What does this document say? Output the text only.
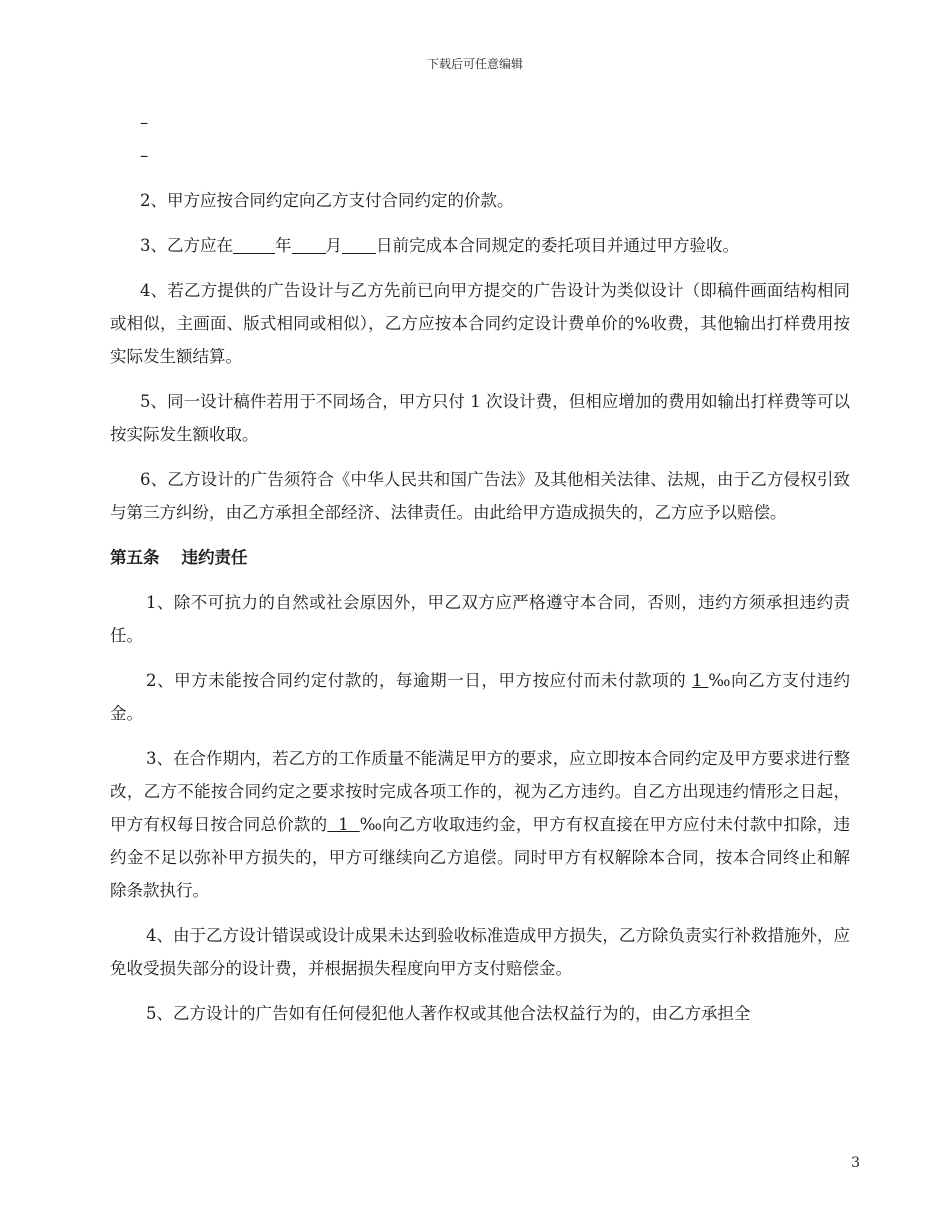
下载后可任意编辑
–
–

2、甲方应按合同约定向乙方支付合同约定的价款。

3、乙方应在	年 月 日前完成本合同规定的委托项目并通过甲方验收。

4、若乙方提供的广告设计与乙方先前已向甲方提交的广告设计为类似设计（即稿件画面结构相同或相似，主画面、版式相同或相似），乙方应按本合同约定设计费单价的%收费，其他输出打样费用按实际发生额结算。

5、同一设计稿件若用于不同场合，甲方只付 1 次设计费，但相应增加的费用如输出打样费等可以按实际发生额收取。

6、乙方设计的广告须符合《中华人民共和国广告法》及其他相关法律、法规，由于乙方侵权引致与第三方纠纷，由乙方承担全部经济、法律责任。由此给甲方造成损失的，乙方应予以赔偿。

第五条 违约责任

1、除不可抗力的自然或社会原因外，甲乙双方应严格遵守本合同，否则，违约方须承担违约责任。

2、甲方未能按合同约定付款的，每逾期一日，甲方按应付而未付款项的 1 ‰向乙方支付违约金。

3、在合作期内，若乙方的工作质量不能满足甲方的要求，应立即按本合同约定及甲方要求进行整改，乙方不能按合同约定之要求按时完成各项工作的，视为乙方违约。自乙方出现违约情形之日起，甲方有权每日按合同总价款的  1  ‰向乙方收取违约金，甲方有权直接在甲方应付未付款中扣除，违约金不足以弥补甲方损失的，甲方可继续向乙方追偿。同时甲方有权解除本合同，按本合同终止和解除条款执行。

4、由于乙方设计错误或设计成果未达到验收标准造成甲方损失，乙方除负责实行补救措施外，应免收受损失部分的设计费，并根据损失程度向甲方支付赔偿金。

5、乙方设计的广告如有任何侵犯他人著作权或其他合法权益行为的，由乙方承担全

3
